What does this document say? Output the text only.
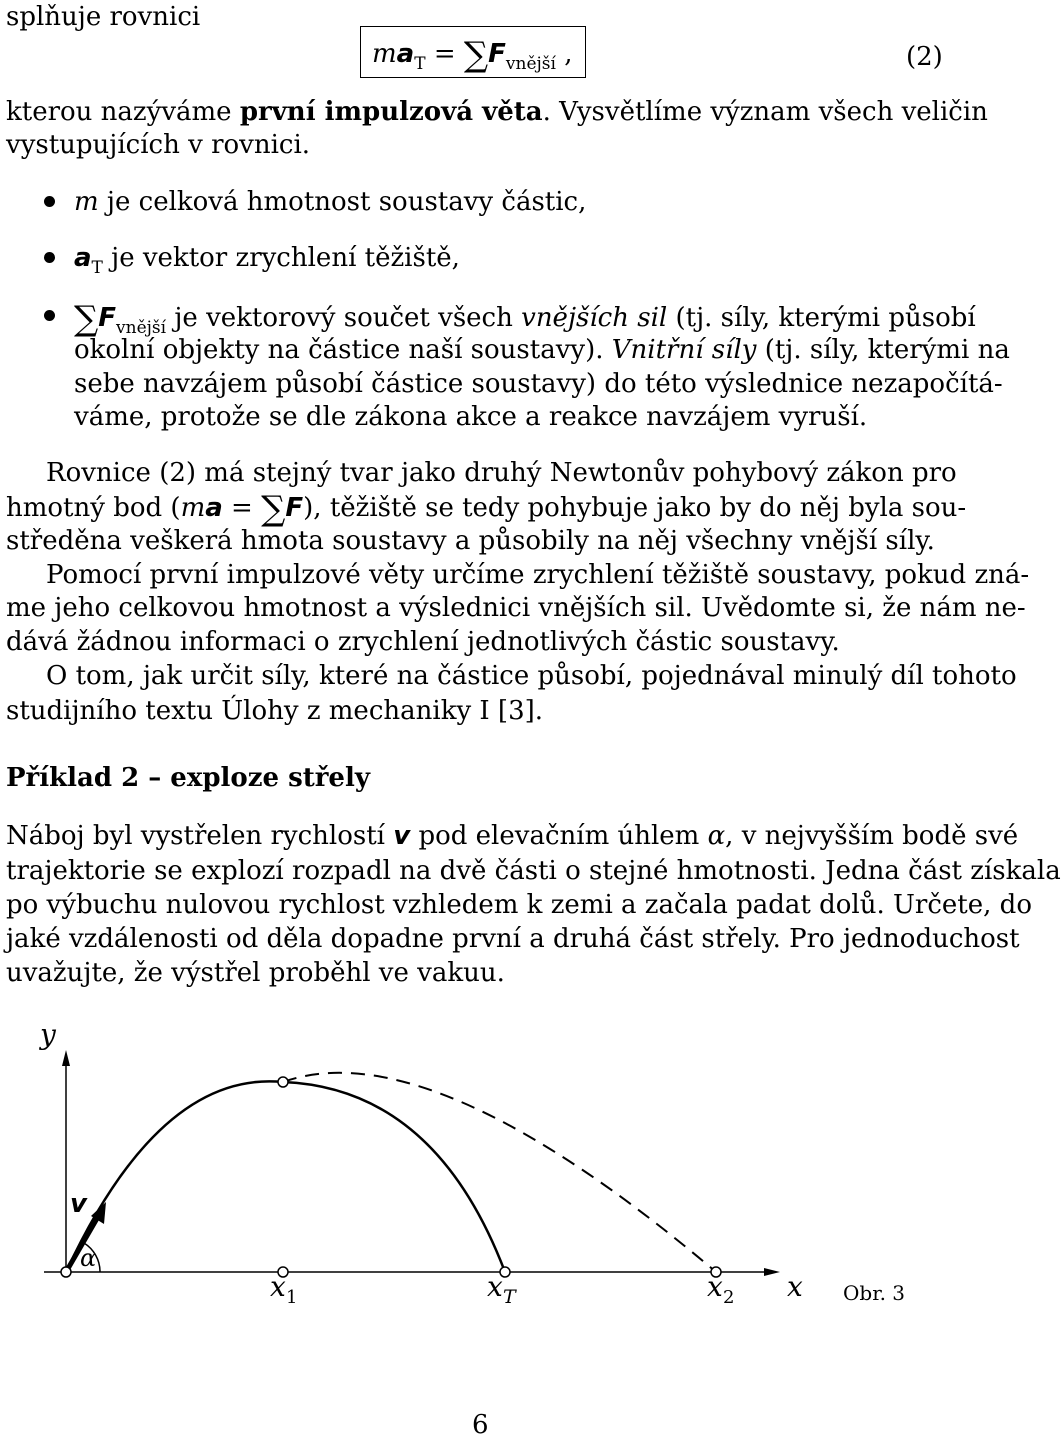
splňuje rovnici
$ma_T = \sum F_{vnější}$ ,	(2)
kterou nazýváme první impulzová věta. Vysvětlíme význam všech veličin
vystupujících v rovnici.
m je celková hmotnost soustavy částic,
$a_T$ je vektor zrychlení těžiště,
$\sum F_{vnější}$ je vektorový součet všech vnějších sil (tj. síly, kterými působí
okolní objekty na částice naší soustavy). Vnitřní síly (tj. síly, kterými na
sebe navzájem působí částice soustavy) do této výslednice nezapočítá-
váme, protože se dle zákona akce a reakce navzájem vyruší.
Rovnice (2) má stejný tvar jako druhý Newtonův pohybový zákon pro
hmotný bod (ma = ∑F), těžiště se tedy pohybuje jako by do něj byla sou-
středěna veškerá hmota soustavy a působily na něj všechny vnější síly.
Pomocí první impulzové věty určíme zrychlení těžiště soustavy, pokud zná-
me jeho celkovou hmotnost a výslednici vnějších sil. Uvědomte si, že nám ne-
dává žádnou informaci o zrychlení jednotlivých částic soustavy.
O tom, jak určit síly, které na částice působí, pojednával minulý díl tohoto
studijního textu Úlohy z mechaniky I [3].
Příklad 2 – exploze střely
Náboj byl vystřelen rychlostí v pod elevačním úhlem α, v nejvyšším bodě své
trajektorie se explozí rozpadl na dvě části o stejné hmotnosti. Jedna část získala
po výbuchu nulovou rychlost vzhledem k zemi a začala padat dolů. Určete, do
jaké vzdálenosti od děla dopadne první a druhá část střely. Pro jednoduchost
uvažujte, že výstřel proběhl ve vakuu.
y
x
v
α
x 1	x T	x 2	Obr. 3
6
